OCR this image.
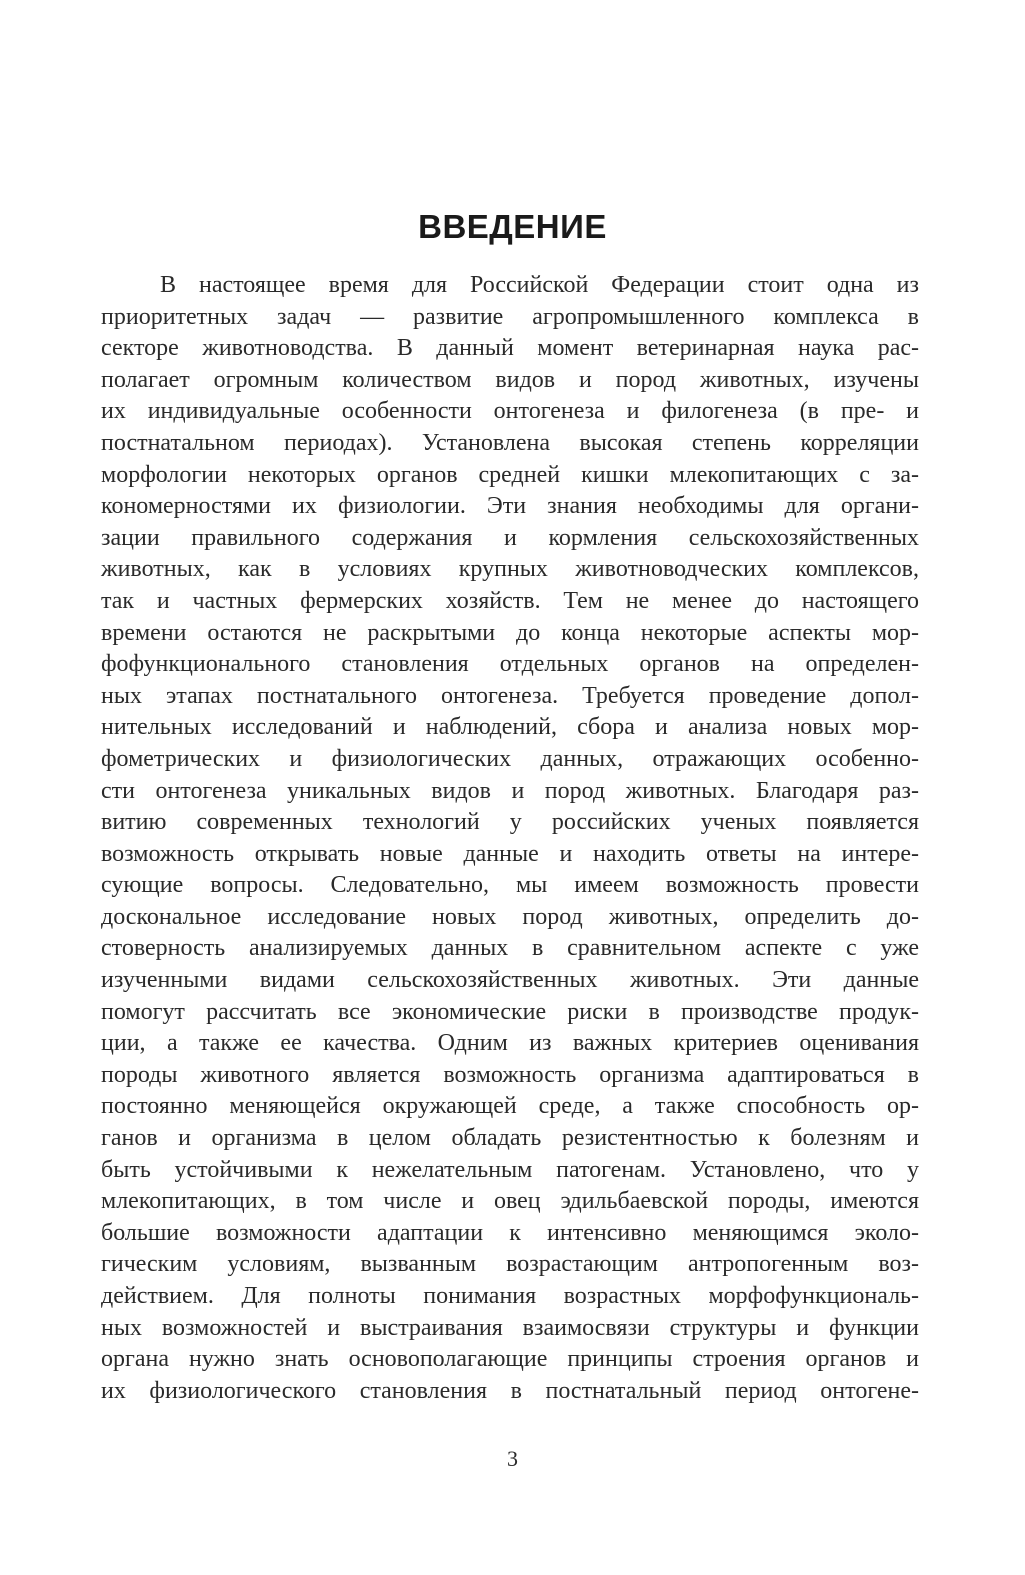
ВВЕДЕНИЕ
В настоящее время для Российской Федерации стоит одна из
приоритетных задач — развитие агропромышленного комплекса в
секторе животноводства. В данный момент ветеринарная наука рас-
полагает огромным количеством видов и пород животных, изучены
их индивидуальные особенности онтогенеза и филогенеза (в пре- и
постнатальном периодах). Установлена высокая степень корреляции
морфологии некоторых органов средней кишки млекопитающих с за-
кономерностями их физиологии. Эти знания необходимы для органи-
зации правильного содержания и кормления сельскохозяйственных
животных, как в условиях крупных животноводческих комплексов,
так и частных фермерских хозяйств. Тем не менее до настоящего
времени остаются не раскрытыми до конца некоторые аспекты мор-
фофункционального становления отдельных органов на определен-
ных этапах постнатального онтогенеза. Требуется проведение допол-
нительных исследований и наблюдений, сбора и анализа новых мор-
фометрических и физиологических данных, отражающих особенно-
сти онтогенеза уникальных видов и пород животных. Благодаря раз-
витию современных технологий у российских ученых появляется
возможность открывать новые данные и находить ответы на интере-
сующие вопросы. Следовательно, мы имеем возможность провести
доскональное исследование новых пород животных, определить до-
стоверность анализируемых данных в сравнительном аспекте с уже
изученными видами сельскохозяйственных животных. Эти данные
помогут рассчитать все экономические риски в производстве продук-
ции, а также ее качества. Одним из важных критериев оценивания
породы животного является возможность организма адаптироваться в
постоянно меняющейся окружающей среде, а также способность ор-
ганов и организма в целом обладать резистентностью к болезням и
быть устойчивыми к нежелательным патогенам. Установлено, что у
млекопитающих, в том числе и овец эдильбаевской породы, имеются
большие возможности адаптации к интенсивно меняющимся эколо-
гическим условиям, вызванным возрастающим антропогенным воз-
действием. Для полноты понимания возрастных морфофункциональ-
ных возможностей и выстраивания взаимосвязи структуры и функции
органа нужно знать основополагающие принципы строения органов и
их физиологического становления в постнатальный период онтогене-
3
